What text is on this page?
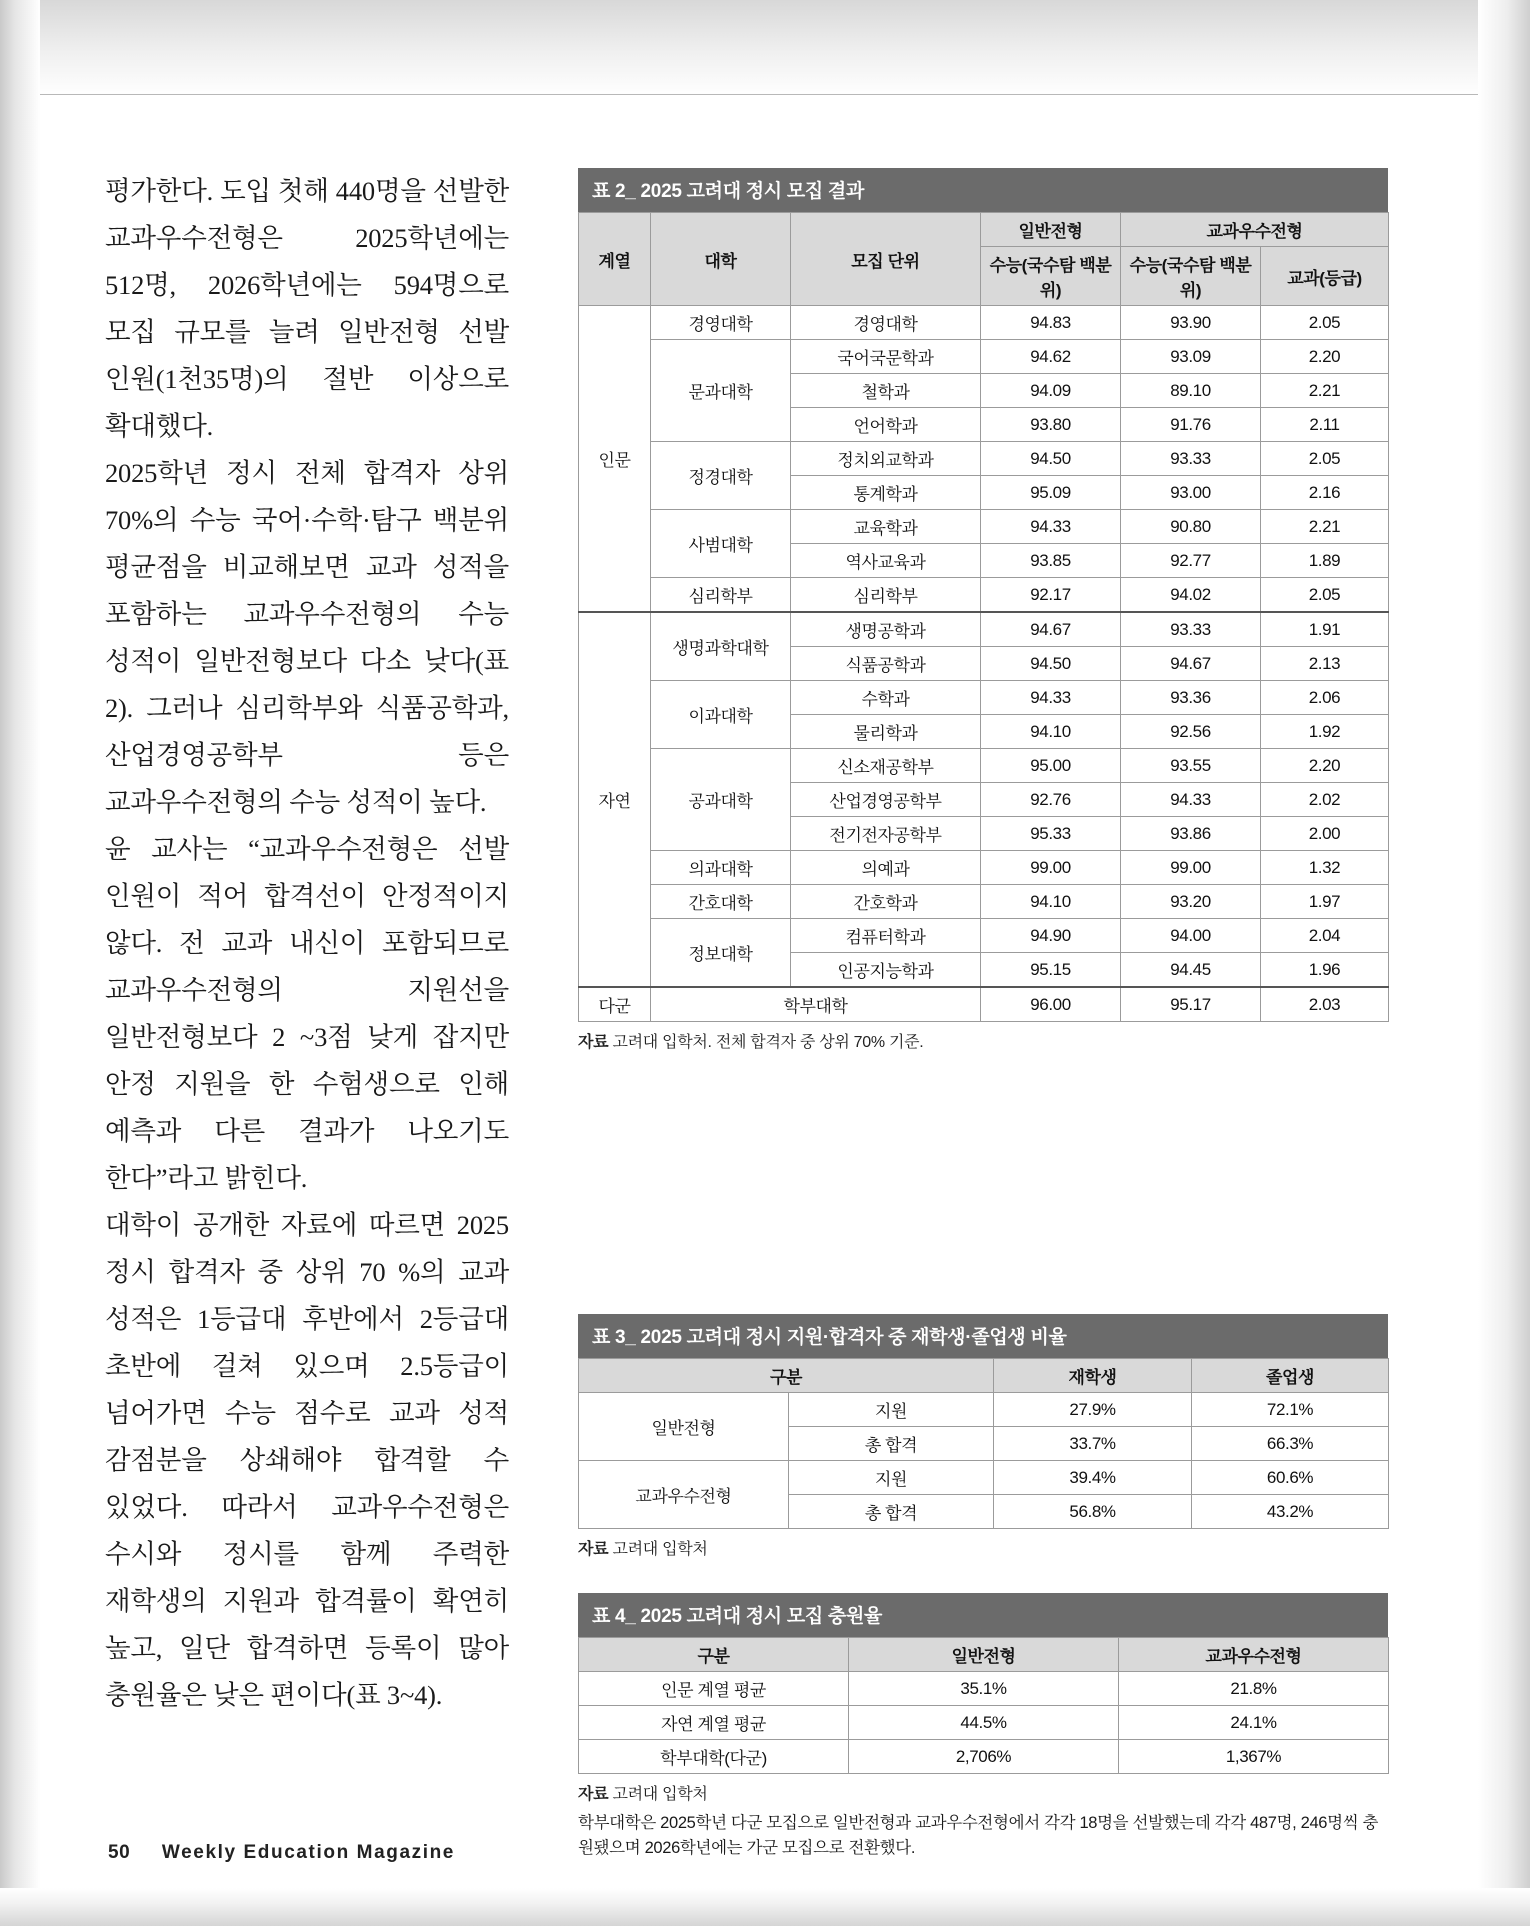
평가한다. 도입 첫해 440명을 선발한 교과우수전형은 2025학년에는 512명, 2026학년에는 594명으로 모집 규모를 늘려 일반전형 선발 인원(1천35명)의 절반 이상으로 확대했다.

2025학년 정시 전체 합격자 상위 70%의 수능 국어·수학·탐구 백분위 평균점을 비교해보면 교과 성적을 포함하는 교과우수전형의 수능 성적이 일반전형보다 다소 낮다(표 2). 그러나 심리학부와 식품공학과, 산업경영공학부 등은 교과우수전형의 수능 성적이 높다.

윤 교사는 “교과우수전형은 선발 인원이 적어 합격선이 안정적이지 않다. 전 교과 내신이 포함되므로 교과우수전형의 지원선을 일반전형보다 2 ~3점 낮게 잡지만 안정 지원을 한 수험생으로 인해 예측과 다른 결과가 나오기도 한다”라고 밝힌다.

대학이 공개한 자료에 따르면 2025 정시 합격자 중 상위 70 %의 교과 성적은 1등급대 후반에서 2등급대 초반에 걸쳐 있으며 2.5등급이 넘어가면 수능 점수로 교과 성적 감점분을 상쇄해야 합격할 수 있었다. 따라서 교과우수전형은 수시와 정시를 함께 주력한 재학생의 지원과 합격률이 확연히 높고, 일단 합격하면 등록이 많아 충원율은 낮은 편이다(표 3~4).

50 Weekly Education Magazine
표 2_ 2025 고려대 정시 모집 결과
계열	대학	모집 단위	일반전형	교과우수전형	
			수능(국수탐 백분위)	수능(국수탐 백분위)	교과(등급)
인문	경영대학	경영대학	94.83	93.90	2.05
	문과대학	국어국문학과	94.62	93.09	2.20
		철학과	94.09	89.10	2.21
		언어학과	93.80	91.76	2.11
	정경대학	정치외교학과	94.50	93.33	2.05
		통계학과	95.09	93.00	2.16
	사범대학	교육학과	94.33	90.80	2.21
		역사교육과	93.85	92.77	1.89
	심리학부	심리학부	92.17	94.02	2.05
자연	생명과학대학	생명공학과	94.67	93.33	1.91
		식품공학과	94.50	94.67	2.13
	이과대학	수학과	94.33	93.36	2.06
		물리학과	94.10	92.56	1.92
	공과대학	신소재공학부	95.00	93.55	2.20
		산업경영공학부	92.76	94.33	2.02
		전기전자공학부	95.33	93.86	2.00
	의과대학	의예과	99.00	99.00	1.32
	간호대학	간호학과	94.10	93.20	1.97
	정보대학	컴퓨터학과	94.90	94.00	2.04
		인공지능학과	95.15	94.45	1.96
다군	학부대학		96.00	95.17	2.03
자료 고려대 입학처. 전체 합격자 중 상위 70% 기준.
표 3_ 2025 고려대 정시 지원·합격자 중 재학생·졸업생 비율
구분		재학생	졸업생
일반전형	지원	27.9%	72.1%
	총 합격	33.7%	66.3%
교과우수전형	지원	39.4%	60.6%
	총 합격	56.8%	43.2%
자료 고려대 입학처
표 4_ 2025 고려대 정시 모집 충원율
구분	일반전형	교과우수전형
인문 계열 평균	35.1%	21.8%
자연 계열 평균	44.5%	24.1%
학부대학(다군)	2,706%	1,367%
자료 고려대 입학처
학부대학은 2025학년 다군 모집으로 일반전형과 교과우수전형에서 각각 18명을 선발했는데 각각 487명, 246명씩 충원됐으며 2026학년에는 가군 모집으로 전환했다.
